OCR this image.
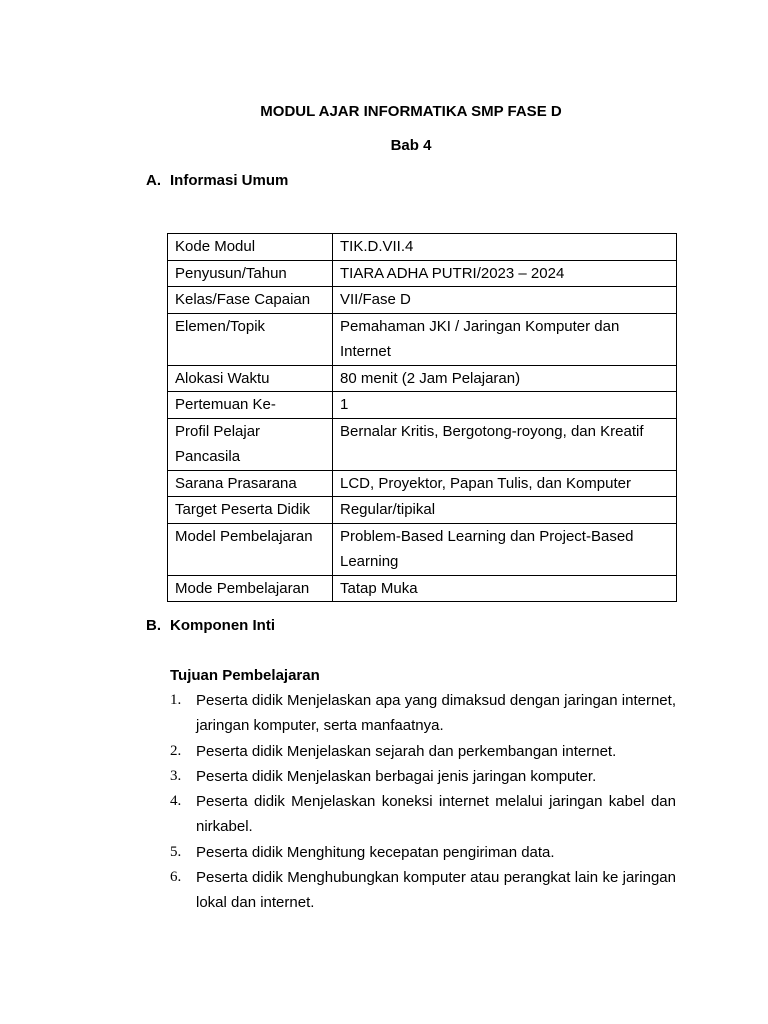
MODUL AJAR INFORMATIKA SMP FASE D
Bab 4
A. Informasi Umum
Kode Modul	TIK.D.VII.4
Penyusun/Tahun	TIARA ADHA PUTRI/2023 – 2024
Kelas/Fase Capaian	VII/Fase D
Elemen/Topik	Pemahaman JKI / Jaringan Komputer dan Internet
Alokasi Waktu	80 menit (2 Jam Pelajaran)
Pertemuan Ke-	1
Profil Pelajar Pancasila	Bernalar Kritis, Bergotong-royong, dan Kreatif
Sarana Prasarana	LCD, Proyektor, Papan Tulis, dan Komputer
Target Peserta Didik	Regular/tipikal
Model Pembelajaran	Problem-Based Learning dan Project-Based Learning
Mode Pembelajaran	Tatap Muka
B. Komponen Inti
Tujuan Pembelajaran
1. Peserta didik Menjelaskan apa yang dimaksud dengan jaringan internet, jaringan komputer, serta manfaatnya.
2. Peserta didik Menjelaskan sejarah dan perkembangan internet.
3. Peserta didik Menjelaskan berbagai jenis jaringan komputer.
4. Peserta didik Menjelaskan koneksi internet melalui jaringan kabel dan nirkabel.
5. Peserta didik Menghitung kecepatan pengiriman data.
6. Peserta didik Menghubungkan komputer atau perangkat lain ke jaringan lokal dan internet.
